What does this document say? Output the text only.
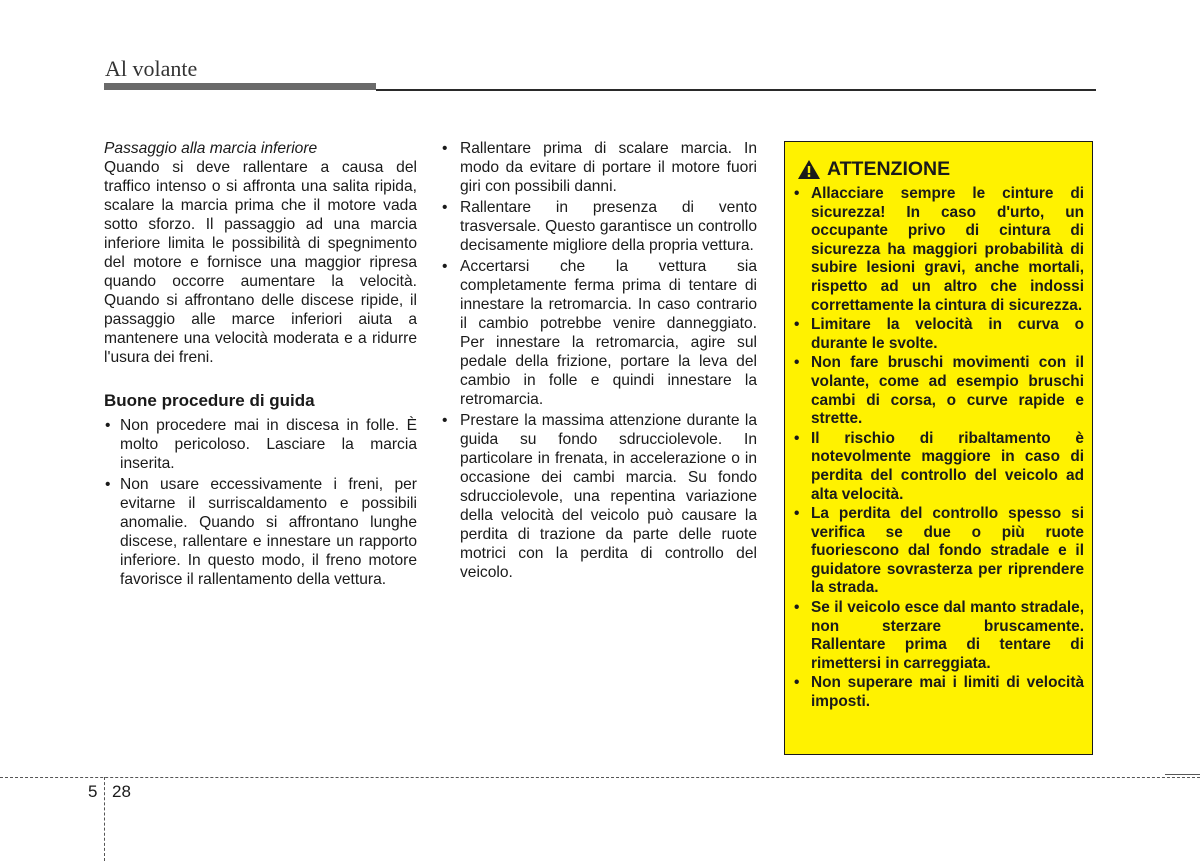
Al volante

Passaggio alla marcia inferiore

Quando si deve rallentare a causa del traffico intenso o si affronta una salita ripida, scalare la marcia prima che il motore vada sotto sforzo. Il passaggio ad una marcia inferiore limita le possibilità di spegnimento del motore e fornisce una maggior ripresa quando occorre aumentare la velocità. Quando si affrontano delle discese ripide, il passaggio alle marce inferiori aiuta a mantenere una velocità moderata e a ridurre l'usura dei freni.

Buone procedure di guida

• Non procedere mai in discesa in folle. È molto pericoloso. Lasciare la marcia inserita.
• Non usare eccessivamente i freni, per evitarne il surriscaldamento e possibili anomalie. Quando si affrontano lunghe discese, rallentare e innestare un rapporto inferiore. In questo modo, il freno motore favorisce il rallentamento della vettura.
• Rallentare prima di scalare marcia. In modo da evitare di portare il motore fuori giri con possibili danni.
• Rallentare in presenza di vento trasversale. Questo garantisce un controllo decisamente migliore della propria vettura.
• Accertarsi che la vettura sia completamente ferma prima di tentare di innestare la retromarcia. In caso contrario il cambio potrebbe venire danneggiato. Per innestare la retromarcia, agire sul pedale della frizione, portare la leva del cambio in folle e quindi innestare la retromarcia.
• Prestare la massima attenzione durante la guida su fondo sdrucciolevole. In particolare in frenata, in accelerazione o in occasione dei cambi marcia. Su fondo sdrucciolevole, una repentina variazione della velocità del veicolo può causare la perdita di trazione da parte delle ruote motrici con la perdita di controllo del veicolo.
ATTENZIONE
• Allacciare sempre le cinture di sicurezza! In caso d'urto, un occupante privo di cintura di sicurezza ha maggiori probabilità di subire lesioni gravi, anche mortali, rispetto ad un altro che indossi correttamente la cintura di sicurezza.
• Limitare la velocità in curva o durante le svolte.
• Non fare bruschi movimenti con il volante, come ad esempio bruschi cambi di corsa, o curve rapide e strette.
• Il rischio di ribaltamento è notevolmente maggiore in caso di perdita del controllo del veicolo ad alta velocità.
• La perdita del controllo spesso si verifica se due o più ruote fuoriescono dal fondo stradale e il guidatore sovrasterza per riprendere la strada.
• Se il veicolo esce dal manto stradale, non sterzare bruscamente. Rallentare prima di tentare di rimettersi in carreggiata.
• Non superare mai i limiti di velocità imposti.
5 28
